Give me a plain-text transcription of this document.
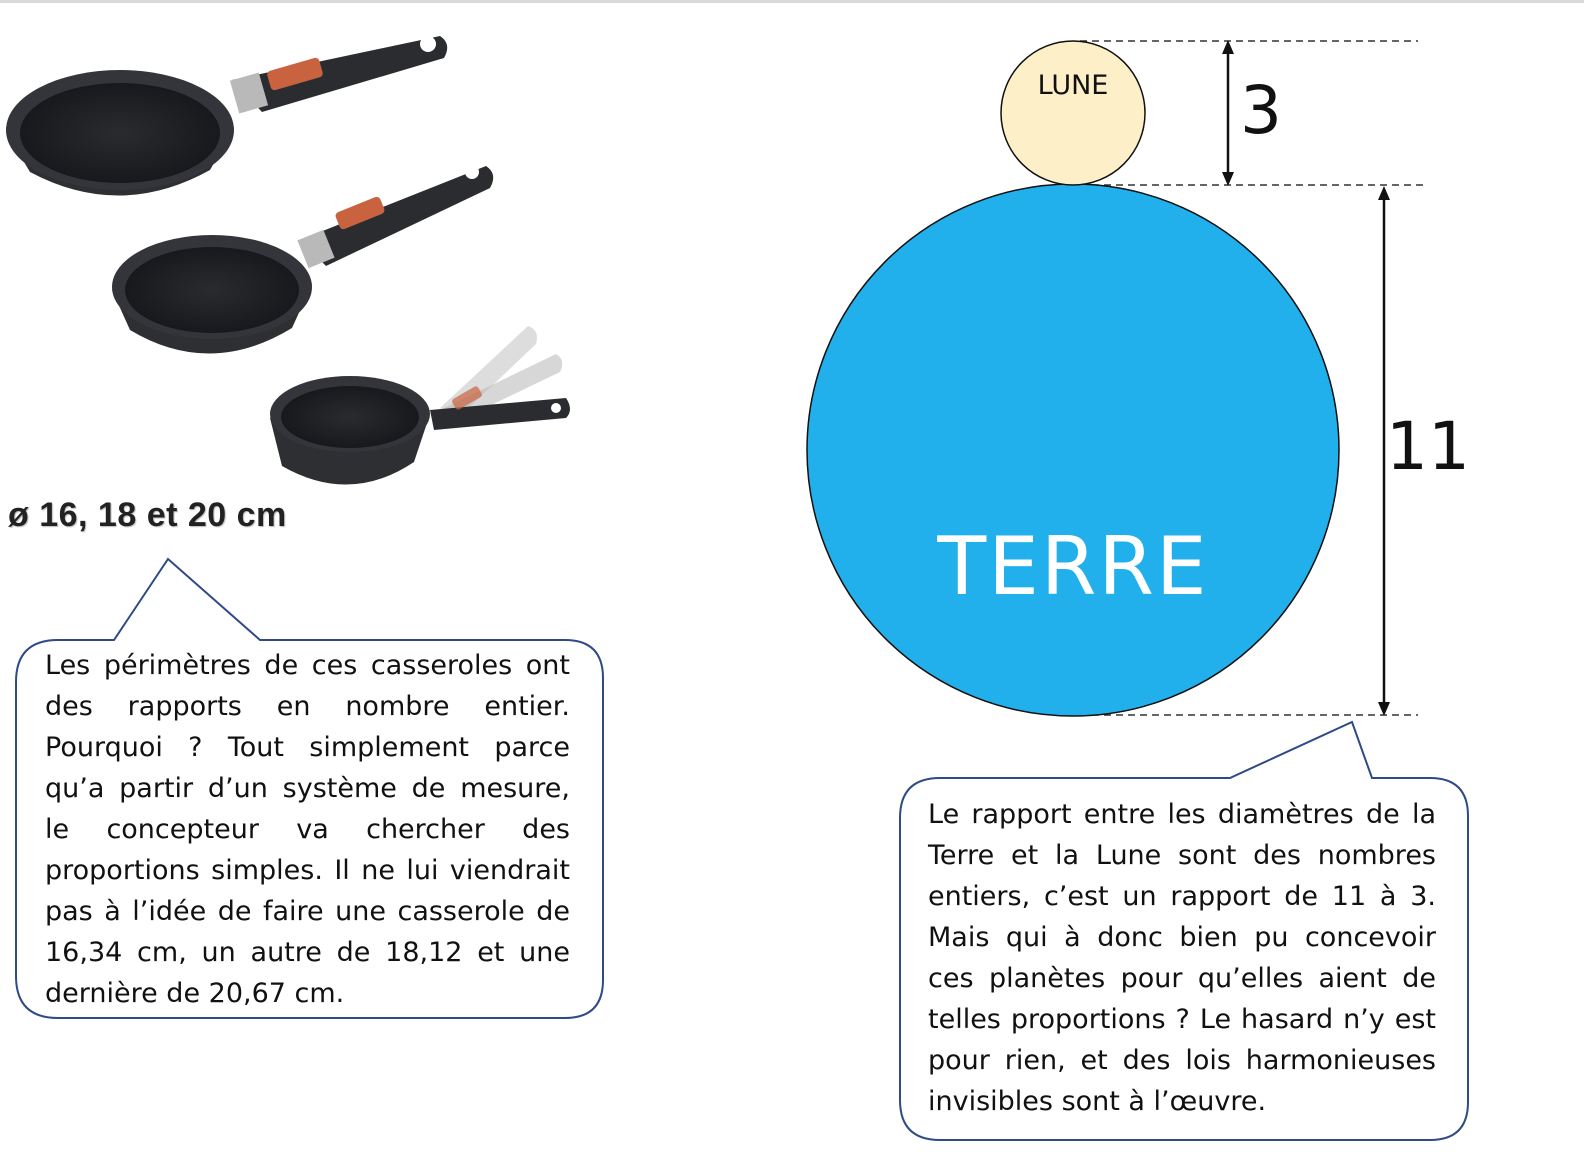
ø 16, 18 et 20 cm
Les périmètres de ces casseroles ont des rapports en nombre entier. Pourquoi ? Tout simplement parce qu’a partir d’un système de mesure, le concepteur va chercher des proportions simples. Il ne lui viendrait pas à l’idée de faire une casserole de 16,34 cm, un autre de 18,12 et une dernière de 20,67 cm.
Le rapport entre les diamètres de la Terre et la Lune sont des nombres entiers, c’est un rapport de 11 à 3. Mais qui à donc bien pu concevoir ces planètes pour qu’elles aient de telles proportions ? Le hasard n’y est pour rien, et des lois harmonieuses invisibles sont à l’œuvre.
LUNE
TERRE
3
11
